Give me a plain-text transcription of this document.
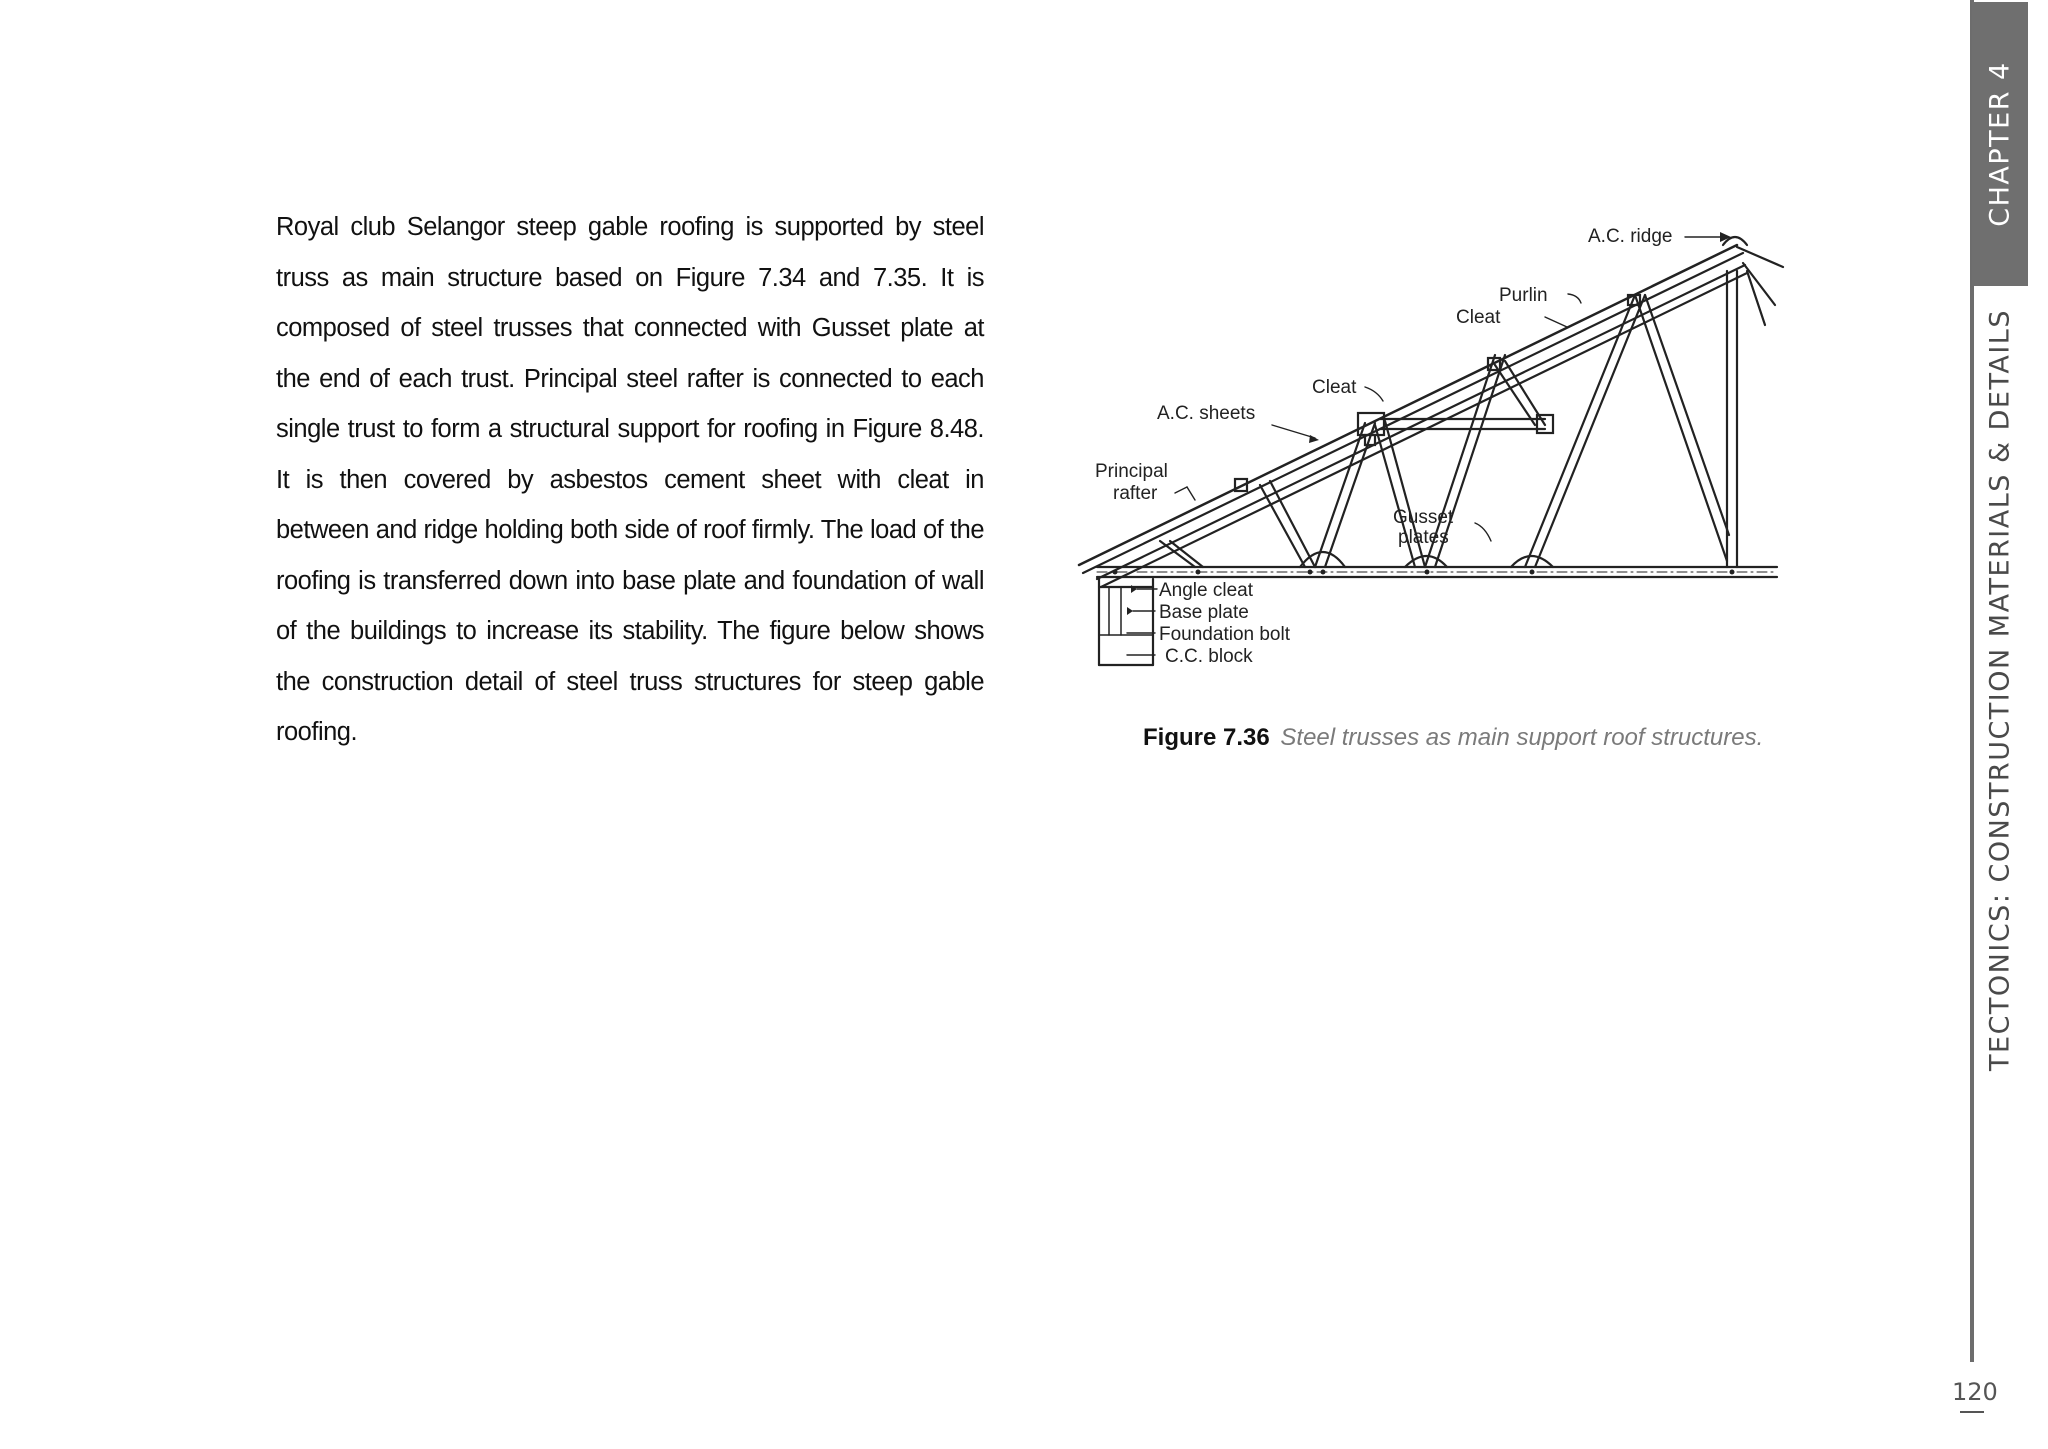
Royal club Selangor steep gable roofing is supported by steel truss as main structure based on Figure 7.34 and 7.35. It is composed of steel trusses that connected with Gusset plate at the end of each trust. Principal steel rafter is connected to each single trust to form a structural support for roofing in Figure 8.48. It is then covered by asbestos cement sheet with cleat in between and ridge holding both side of roof firmly. The load of the roofing is transferred down into base plate and foundation of wall of the buildings to increase its stability. The figure below shows the construction detail of steel truss structures for steep gable roofing.

A.C. ridge
Purlin
Cleat
Cleat
A.C. sheets
Principal
rafter
Gusset
plates
Angle cleat
Base plate
Foundation bolt
C.C. block
Figure 7.36 Steel trusses as main support roof structures.
CHAPTER 4
TECTONICS: CONSTRUCTION MATERIALS & DETAILS
120
